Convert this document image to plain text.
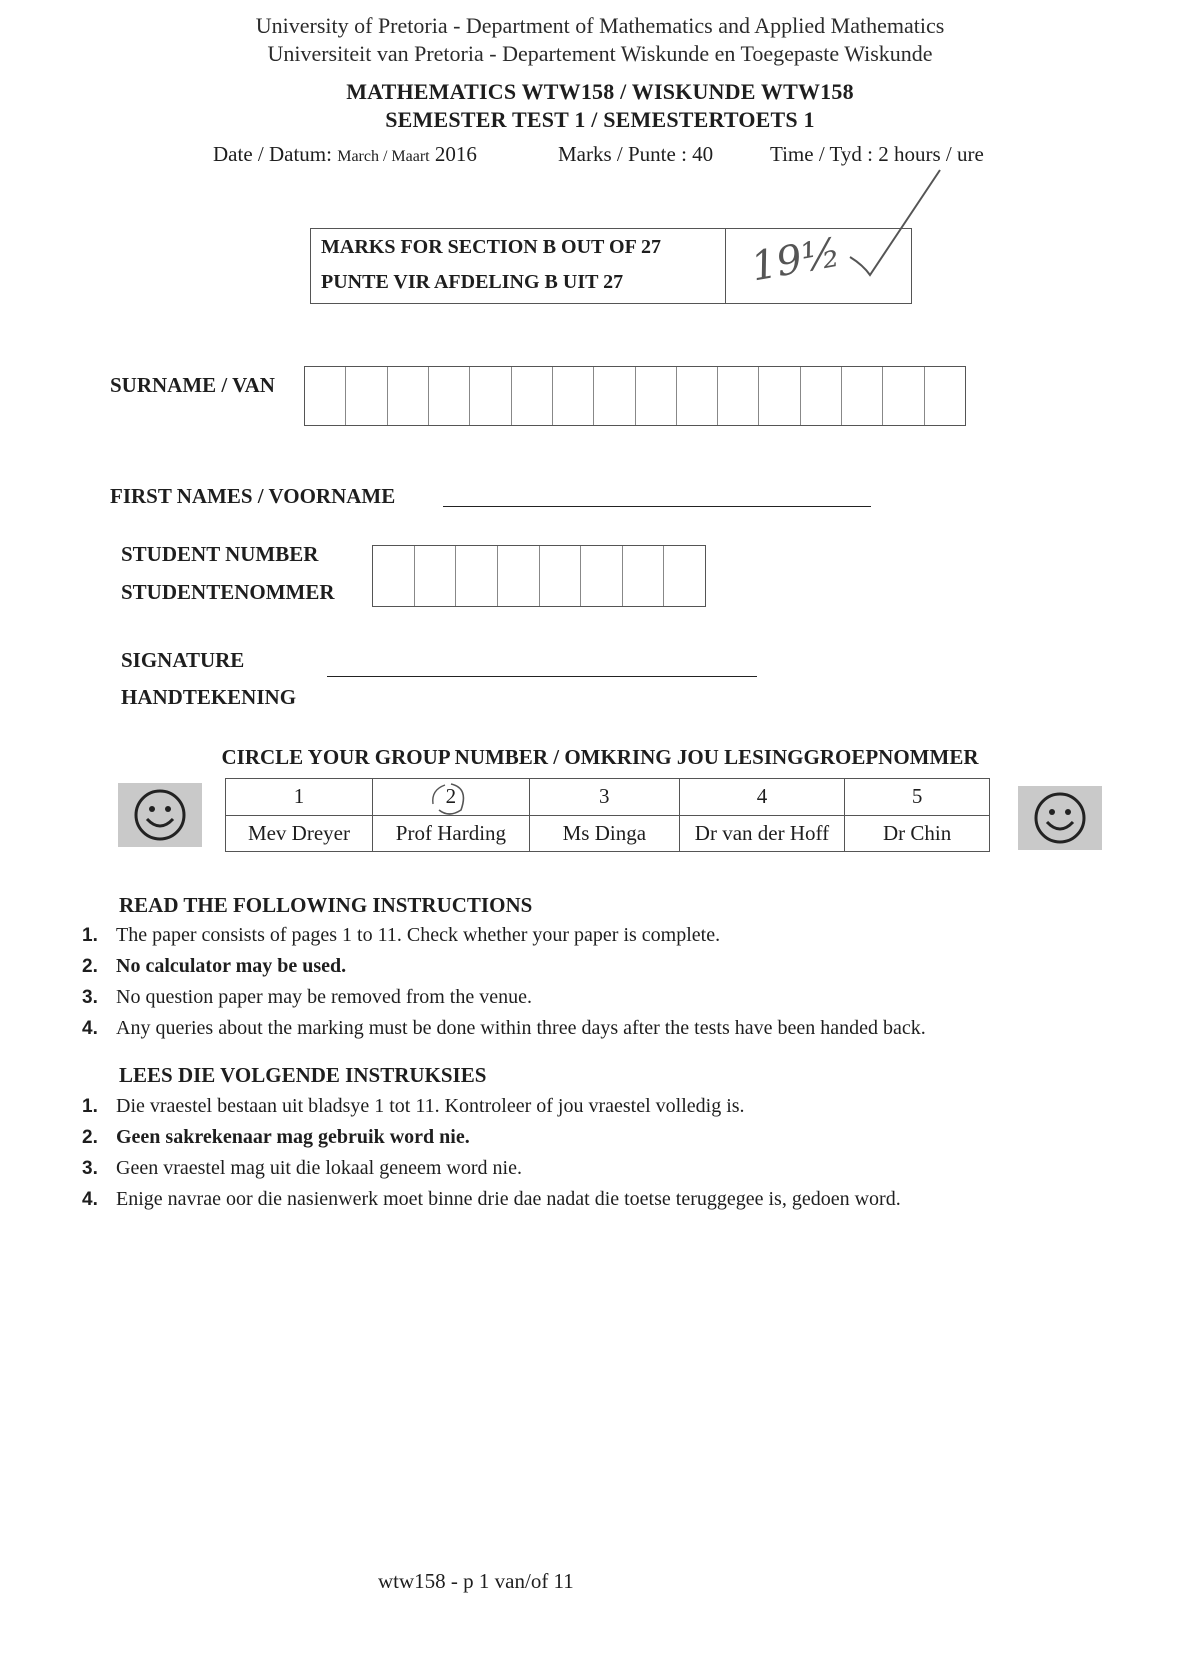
University of Pretoria - Department of Mathematics and Applied Mathematics
Universiteit van Pretoria - Departement Wiskunde en Toegepaste Wiskunde
MATHEMATICS WTW158 / WISKUNDE WTW158
SEMESTER TEST 1 / SEMESTERTOETS 1
Date / Datum: March / Maart 2016	Marks / Punte : 40	Time / Tyd : 2 hours / ure
MARKS FOR SECTION B OUT OF 27
PUNTE VIR AFDELING B UIT 27	19½
SURNAME / VAN
FIRST NAMES / VOORNAME
STUDENT NUMBER
STUDENTENOMMER
SIGNATURE
HANDTEKENING
CIRCLE YOUR GROUP NUMBER / OMKRING JOU LESINGGROEPNOMMER
1	2	3	4	5
Mev Dreyer	Prof Harding	Ms Dinga	Dr van der Hoff	Dr Chin
READ THE FOLLOWING INSTRUCTIONS
1. The paper consists of pages 1 to 11. Check whether your paper is complete.
2. No calculator may be used.
3. No question paper may be removed from the venue.
4. Any queries about the marking must be done within three days after the tests have been handed back.
LEES DIE VOLGENDE INSTRUKSIES
1. Die vraestel bestaan uit bladsye 1 tot 11. Kontroleer of jou vraestel volledig is.
2. Geen sakrekenaar mag gebruik word nie.
3. Geen vraestel mag uit die lokaal geneem word nie.
4. Enige navrae oor die nasienwerk moet binne drie dae nadat die toetse teruggegee is, gedoen word.
wtw158 - p 1 van/of 11
